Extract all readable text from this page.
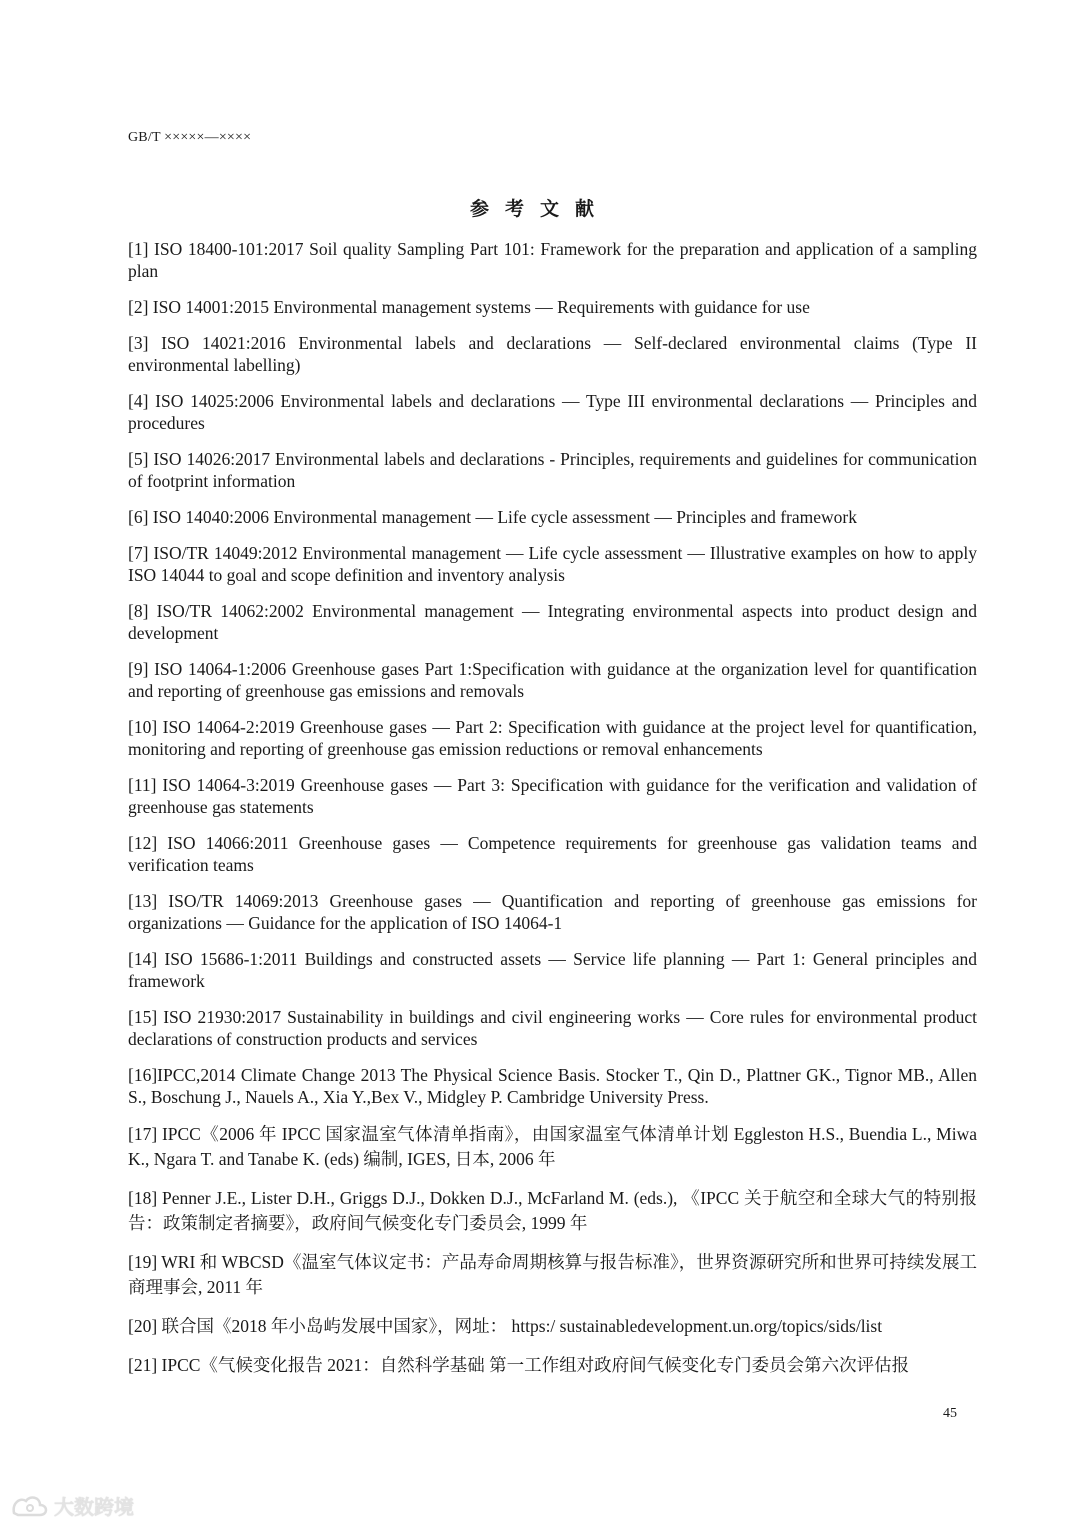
GB/T ×××××—××××
参考文献
[1] ISO 18400-101:2017 Soil quality Sampling Part 101: Framework for the preparation and application of a sampling plan
[2] ISO 14001:2015 Environmental management systems — Requirements with guidance for use
[3] ISO 14021:2016 Environmental labels and declarations — Self-declared environmental claims (Type II environmental labelling)
[4] ISO 14025:2006 Environmental labels and declarations — Type III environmental declarations — Principles and procedures
[5] ISO 14026:2017 Environmental labels and declarations - Principles, requirements and guidelines for communication of footprint information
[6] ISO 14040:2006 Environmental management — Life cycle assessment — Principles and framework
[7] ISO/TR 14049:2012 Environmental management — Life cycle assessment — Illustrative examples on how to apply ISO 14044 to goal and scope definition and inventory analysis
[8] ISO/TR 14062:2002 Environmental management — Integrating environmental aspects into product design and development
[9] ISO 14064-1:2006 Greenhouse gases Part 1:Specification with guidance at the organization level for quantification and reporting of greenhouse gas emissions and removals
[10] ISO 14064-2:2019 Greenhouse gases — Part 2: Specification with guidance at the project level for quantification, monitoring and reporting of greenhouse gas emission reductions or removal enhancements
[11] ISO 14064-3:2019 Greenhouse gases — Part 3: Specification with guidance for the verification and validation of greenhouse gas statements
[12] ISO 14066:2011 Greenhouse gases — Competence requirements for greenhouse gas validation teams and verification teams
[13] ISO/TR 14069:2013 Greenhouse gases — Quantification and reporting of greenhouse gas emissions for organizations — Guidance for the application of ISO 14064-1
[14] ISO 15686-1:2011 Buildings and constructed assets — Service life planning — Part 1: General principles and framework
[15] ISO 21930:2017 Sustainability in buildings and civil engineering works — Core rules for environmental product declarations of construction products and services
[16]IPCC,2014 Climate Change 2013 The Physical Science Basis. Stocker T., Qin D., Plattner GK., Tignor MB., Allen S., Boschung J., Nauels A., Xia Y.,Bex V., Midgley P. Cambridge University Press.
[17] IPCC《2006 年 IPCC 国家温室气体清单指南》，由国家温室气体清单计划 Eggleston H.S., Buendia L., Miwa K., Ngara T. and Tanabe K. (eds) 编制, IGES, 日本, 2006 年
[18] Penner J.E., Lister D.H., Griggs D.J., Dokken D.J., McFarland M. (eds.), 《IPCC 关于航空和全球大气的特别报告：政策制定者摘要》，政府间气候变化专门委员会, 1999 年
[19] WRI 和 WBCSD《温室气体议定书：产品寿命周期核算与报告标准》，世界资源研究所和世界可持续发展工商理事会, 2011 年
[20] 联合国《2018 年小岛屿发展中国家》，网址： https:/ sustainabledevelopment.un.org/topics/sids/list
[21] IPCC《气候变化报告 2021：自然科学基础 第一工作组对政府间气候变化专门委员会第六次评估报
45
大数跨境
